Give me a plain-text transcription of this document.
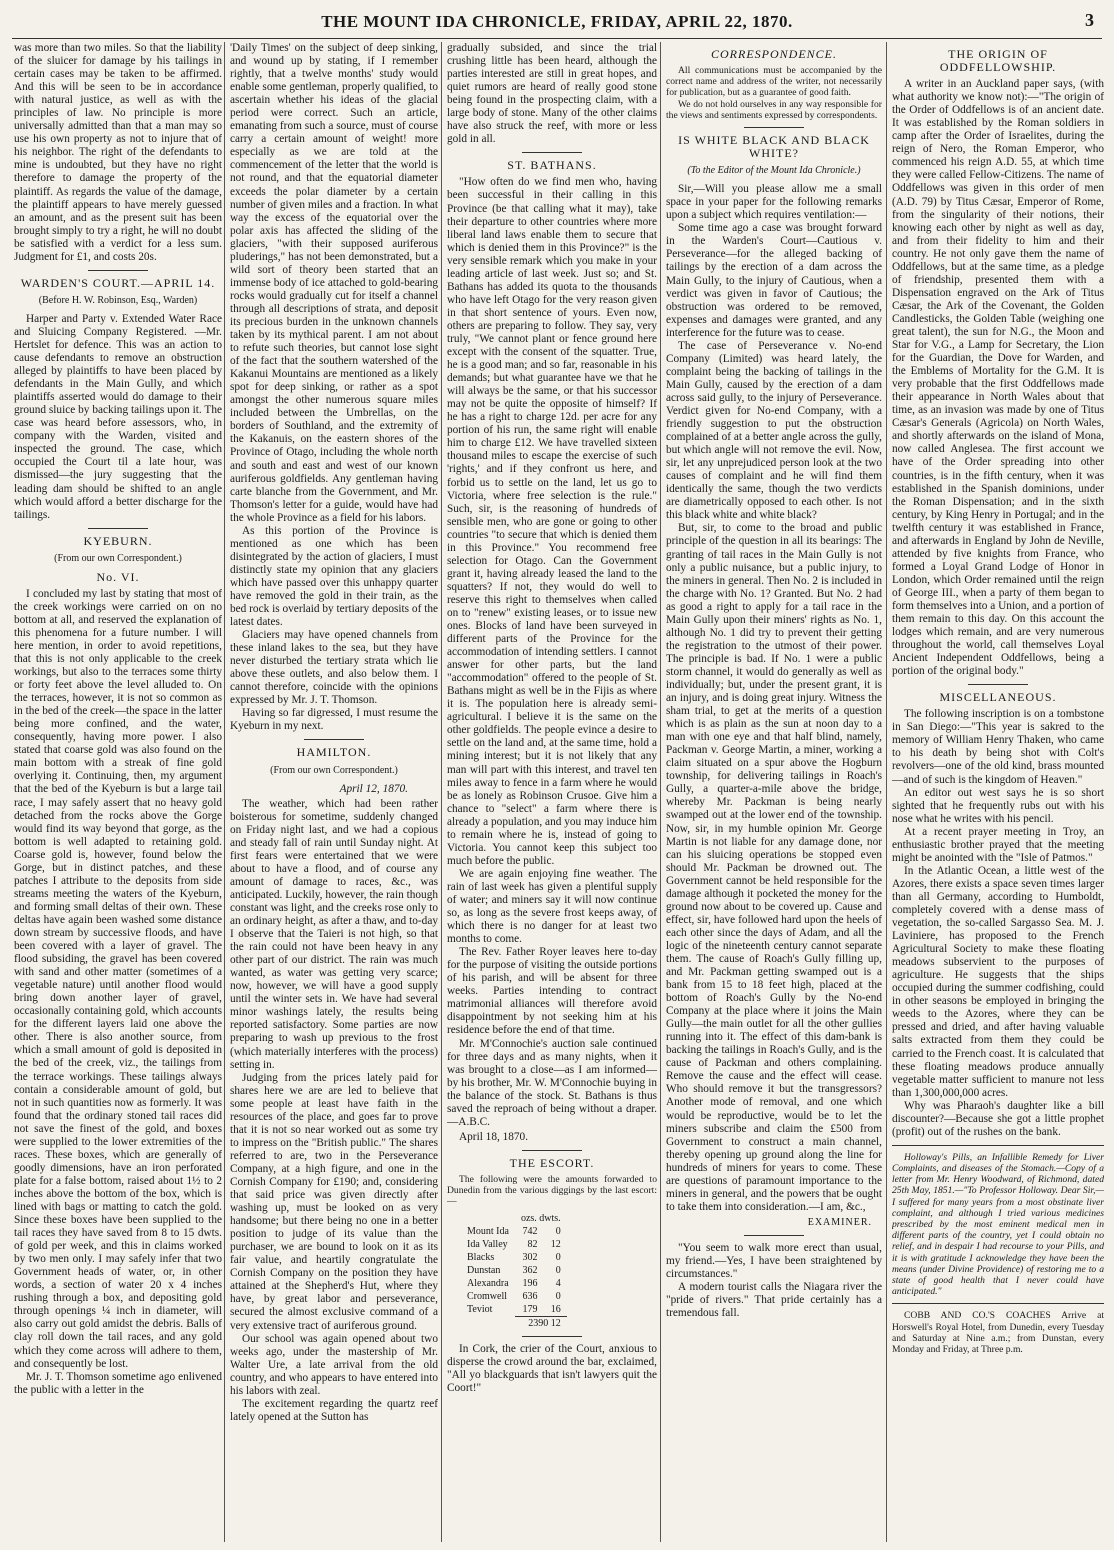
THE MOUNT IDA CHRONICLE, FRIDAY, APRIL 22, 1870.	3

was more than two miles. So that the liability of the sluicer for damage by his tailings in certain cases may be taken to be affirmed. And this will be seen to be in accordance with natural justice, as well as with the principles of law. No principle is more universally admitted than that a man may so use his own property as not to injure that of his neighbor. The right of the defendants to mine is undoubted, but they have no right therefore to damage the property of the plaintiff. As regards the value of the damage, the plaintiff appears to have merely guessed an amount, and as the present suit has been brought simply to try a right, he will no doubt be satisfied with a verdict for a less sum. Judgment for £1, and costs 20s.

WARDEN'S COURT.—APRIL 14.
(Before H. W. Robinson, Esq., Warden)

Harper and Party v. Extended Water Race and Sluicing Company Registered. —Mr. Hertslet for defence. This was an action to cause defendants to remove an obstruction alleged by plaintiffs to have been placed by defendants in the Main Gully, and which plaintiffs asserted would do damage to their ground sluice by backing tailings upon it. The case was heard before assessors, who, in company with the Warden, visited and inspected the ground. The case, which occupied the Court til a late hour, was dismissed—the jury suggesting that the leading dam should be shifted to an angle which would afford a better discharge for the tailings.

KYEBURN.
(From our own Correspondent.)
No. VI.

I concluded my last by stating that most of the creek workings were carried on on no bottom at all, and reserved the explanation of this phenomena for a future number. I will here mention, in order to avoid repetitions, that this is not only applicable to the creek workings, but also to the terraces some thirty or forty feet above the level alluded to. On the terraces, however, it is not so common as in the bed of the creek—the space in the latter being more confined, and the water, consequently, having more power. I also stated that coarse gold was also found on the main bottom with a streak of fine gold overlying it. Continuing, then, my argument that the bed of the Kyeburn is but a large tail race, I may safely assert that no heavy gold detached from the rocks above the Gorge would find its way beyond that gorge, as the bottom is well adapted to retaining gold. Coarse gold is, however, found below the Gorge, but in distinct patches, and these patches I attribute to the deposits from side streams meeting the waters of the Kyeburn, and forming small deltas of their own. These deltas have again been washed some distance down stream by successive floods, and have been covered with a layer of gravel. The flood subsiding, the gravel has been covered with sand and other matter (sometimes of a vegetable nature) until another flood would bring down another layer of gravel, occasionally containing gold, which accounts for the different layers laid one above the other. There is also another source, from which a small amount of gold is deposited in the bed of the creek, viz., the tailings from the terrace workings. These tailings always contain a considerable amount of gold, but not in such quantities now as formerly. It was found that the ordinary stoned tail races did not save the finest of the gold, and boxes were supplied to the lower extremities of the races. These boxes, which are generally of goodly dimensions, have an iron perforated plate for a false bottom, raised about 1½ to 2 inches above the bottom of the box, which is lined with bags or matting to catch the gold. Since these boxes have been supplied to the tail races they have saved from 8 to 15 dwts. of gold per week, and this in claims worked by two men only. I may safely infer that two Government heads of water, or, in other words, a section of water 20 x 4 inches rushing through a box, and depositing gold through openings ¼ inch in diameter, will also carry out gold amidst the debris. Balls of clay roll down the tail races, and any gold which they come across will adhere to them, and consequently be lost.

Mr. J. T. Thomson sometime ago enlivened the public with a letter in the

'Daily Times' on the subject of deep sinking, and wound up by stating, if I remember rightly, that a twelve months' study would enable some gentleman, properly qualified, to ascertain whether his ideas of the glacial period were correct. Such an article, emanating from such a source, must of course carry a certain amount of weight! more especially as we are told at the commencement of the letter that the world is not round, and that the equatorial diameter exceeds the polar diameter by a certain number of given miles and a fraction. In what way the excess of the equatorial over the polar axis has affected the sliding of the glaciers, "with their supposed auriferous pluderings," has not been demonstrated, but a wild sort of theory been started that an immense body of ice attached to gold-bearing rocks would gradually cut for itself a channel through all descriptions of strata, and deposit its precious burden in the unknown channels taken by its mythical parent. I am not about to refute such theories, but cannot lose sight of the fact that the southern watershed of the Kakanui Mountains are mentioned as a likely spot for deep sinking, or rather as a spot amongst the other numerous square miles included between the Umbrellas, on the borders of Southland, and the extremity of the Kakanuis, on the eastern shores of the Province of Otago, including the whole north and south and east and west of our known auriferous goldfields. Any gentleman having carte blanche from the Government, and Mr. Thomson's letter for a guide, would have had the whole Province as a field for his labors.

As this portion of the Province is mentioned as one which has been disintegrated by the action of glaciers, I must distinctly state my opinion that any glaciers which have passed over this unhappy quarter have removed the gold in their train, as the bed rock is overlaid by tertiary deposits of the latest dates.

Glaciers may have opened channels from these inland lakes to the sea, but they have never disturbed the tertiary strata which lie above these outlets, and also below them. I cannot therefore, coincide with the opinions expressed by Mr. J. T. Thomson.

Having so far digressed, I must resume the Kyeburn in my next.

HAMILTON.
(From our own Correspondent.)
April 12, 1870.

The weather, which had been rather boisterous for sometime, suddenly changed on Friday night last, and we had a copious and steady fall of rain until Sunday night. At first fears were entertained that we were about to have a flood, and of course any amount of damage to races, &c., was anticipated. Luckily, however, the rain though constant was light, and the creeks rose only to an ordinary height, as after a thaw, and to-day I observe that the Taieri is not high, so that the rain could not have been heavy in any other part of our district. The rain was much wanted, as water was getting very scarce; now, however, we will have a good supply until the winter sets in. We have had several minor washings lately, the results being reported satisfactory. Some parties are now preparing to wash up previous to the frost (which materially interferes with the process) setting in.

Judging from the prices lately paid for shares here we are are led to believe that some people at least have faith in the resources of the place, and goes far to prove that it is not so near worked out as some try to impress on the "British public." The shares referred to are, two in the Perseverance Company, at a high figure, and one in the Cornish Company for £190; and, considering that said price was given directly after washing up, must be looked on as very handsome; but there being no one in a better position to judge of its value than the purchaser, we are bound to look on it as its fair value, and heartily congratulate the Cornish Company on the position they have attained at the Shepherd's Hut, where they have, by great labor and perseverance, secured the almost exclusive command of a very extensive tract of auriferous ground.

Our school was again opened about two weeks ago, under the mastership of Mr. Walter Ure, a late arrival from the old country, and who appears to have entered into his labors with zeal.

The excitement regarding the quartz reef lately opened at the Sutton has

gradually subsided, and since the trial crushing little has been heard, although the parties interested are still in great hopes, and quiet rumors are heard of really good stone being found in the prospecting claim, with a large body of stone. Many of the other claims have also struck the reef, with more or less gold in all.

ST. BATHANS.

"How often do we find men who, having been successful in their calling in this Province (be that calling what it may), take their departure to other countries where more liberal land laws enable them to secure that which is denied them in this Province?" is the very sensible remark which you make in your leading article of last week. Just so; and St. Bathans has added its quota to the thousands who have left Otago for the very reason given in that short sentence of yours. Even now, others are preparing to follow. They say, very truly, "We cannot plant or fence ground here except with the consent of the squatter. True, he is a good man; and so far, reasonable in his demands; but what guarantee have we that he will always be the same, or that his successor may not be quite the opposite of himself? If he has a right to charge 12d. per acre for any portion of his run, the same right will enable him to charge £12. We have travelled sixteen thousand miles to escape the exercise of such 'rights,' and if they confront us here, and forbid us to settle on the land, let us go to Victoria, where free selection is the rule." Such, sir, is the reasoning of hundreds of sensible men, who are gone or going to other countries "to secure that which is denied them in this Province." You recommend free selection for Otago. Can the Government grant it, having already leased the land to the squatters? If not, they would do well to reserve this right to themselves when called on to "renew" existing leases, or to issue new ones. Blocks of land have been surveyed in different parts of the Province for the accommodation of intending settlers. I cannot answer for other parts, but the land "accommodation" offered to the people of St. Bathans might as well be in the Fijis as where it is. The population here is already semi-agricultural. I believe it is the same on the other goldfields. The people evince a desire to settle on the land and, at the same time, hold a mining interest; but it is not likely that any man will part with this interest, and travel ten miles away to fence in a farm where he would be as lonely as Robinson Crusoe. Give him a chance to "select" a farm where there is already a population, and you may induce him to remain where he is, instead of going to Victoria. You cannot keep this subject too much before the public.

We are again enjoying fine weather. The rain of last week has given a plentiful supply of water; and miners say it will now continue so, as long as the severe frost keeps away, of which there is no danger for at least two months to come.

The Rev. Father Royer leaves here to-day for the purpose of visiting the outside portions of his parish, and will be absent for three weeks. Parties intending to contract matrimonial alliances will therefore avoid disappointment by not seeking him at his residence before the end of that time.

Mr. M'Connochie's auction sale continued for three days and as many nights, when it was brought to a close—as I am informed—by his brother, Mr. W. M'Connochie buying in the balance of the stock. St. Bathans is thus saved the reproach of being without a draper.—A.B.C.

April 18, 1870.
THE ESCORT.

The following were the amounts forwarded to Dunedin from the various diggings by the last escort:—

	ozs. dwts.	
Mount Ida	742	0
Ida Valley	82	12
Blacks	302	0
Dunstan	362	0
Alexandra	196	4
Cromwell	636	0
Teviot	179	16
	2390 12	

In Cork, the crier of the Court, anxious to disperse the crowd around the bar, exclaimed, "All yo blackguards that isn't lawyers quit the Coort!"

CORRESPONDENCE.

All communications must be accompanied by the correct name and address of the writer, not necessarily for publication, but as a guarantee of good faith.

We do not hold ourselves in any way responsible for the views and sentiments expressed by correspondents.

IS WHITE BLACK AND BLACK WHITE?
(To the Editor of the Mount Ida Chronicle.)

Sir,—Will you please allow me a small space in your paper for the following remarks upon a subject which requires ventilation:—

Some time ago a case was brought forward in the Warden's Court—Cautious v. Perseverance—for the alleged backing of tailings by the erection of a dam across the Main Gully, to the injury of Cautious, when a verdict was given in favor of Cautious; the obstruction was ordered to be removed, expenses and damages were granted, and any interference for the future was to cease.

The case of Perseverance v. No-end Company (Limited) was heard lately, the complaint being the backing of tailings in the Main Gully, caused by the erection of a dam across said gully, to the injury of Perseverance. Verdict given for No-end Company, with a friendly suggestion to put the obstruction complained of at a better angle across the gully, but which angle will not remove the evil. Now, sir, let any unprejudiced person look at the two causes of complaint and he will find them identically the same, though the two verdicts are diametrically opposed to each other. Is not this black white and white black?

But, sir, to come to the broad and public principle of the question in all its bearings: The granting of tail races in the Main Gully is not only a public nuisance, but a public injury, to the miners in general. Then No. 2 is included in the charge with No. 1? Granted. But No. 2 had as good a right to apply for a tail race in the Main Gully upon their miners' rights as No. 1, although No. 1 did try to prevent their getting the registration to the utmost of their power. The principle is bad. If No. 1 were a public storm channel, it would do generally as well as individually; but, under the present grant, it is an injury, and is doing great injury. Witness the sham trial, to get at the merits of a question which is as plain as the sun at noon day to a man with one eye and that half blind, namely, Packman v. George Martin, a miner, working a claim situated on a spur above the Hogburn township, for delivering tailings in Roach's Gully, a quarter-a-mile above the bridge, whereby Mr. Packman is being nearly swamped out at the lower end of the township. Now, sir, in my humble opinion Mr. George Martin is not liable for any damage done, nor can his sluicing operations be stopped even should Mr. Packman be drowned out. The Government cannot be held responsible for the damage although it pocketed the money for the ground now about to be covered up. Cause and effect, sir, have followed hard upon the heels of each other since the days of Adam, and all the logic of the nineteenth century cannot separate them. The cause of Roach's Gully filling up, and Mr. Packman getting swamped out is a bank from 15 to 18 feet high, placed at the bottom of Roach's Gully by the No-end Company at the place where it joins the Main Gully—the main outlet for all the other gullies running into it. The effect of this dam-bank is backing the tailings in Roach's Gully, and is the cause of Packman and others complaining. Remove the cause and the effect will cease. Who should remove it but the transgressors? Another mode of removal, and one which would be reproductive, would be to let the miners subscribe and claim the £500 from Government to construct a main channel, thereby opening up ground along the line for hundreds of miners for years to come. These are questions of paramount importance to the miners in general, and the powers that be ought to take them into consideration.—I am, &c.,

EXAMINER.

"You seem to walk more erect than usual, my friend.—Yes, I have been straightened by circumstances."

A modern tourist calls the Niagara river the "pride of rivers." That pride certainly has a tremendous fall.

THE ORIGIN OF ODDFELLOWSHIP.

A writer in an Auckland paper says, (with what authority we know not):—"The origin of the Order of Oddfellows is of an ancient date. It was established by the Roman soldiers in camp after the Order of Israelites, during the reign of Nero, the Roman Emperor, who commenced his reign A.D. 55, at which time they were called Fellow-Citizens. The name of Oddfellows was given in this order of men (A.D. 79) by Titus Cæsar, Emperor of Rome, from the singularity of their notions, their knowing each other by night as well as day, and from their fidelity to him and their country. He not only gave them the name of Oddfellows, but at the same time, as a pledge of friendship, presented them with a Dispensation engraved on the Ark of Titus Cæsar, the Ark of the Covenant, the Golden Candlesticks, the Golden Table (weighing one great talent), the sun for N.G., the Moon and Star for V.G., a Lamp for Secretary, the Lion for the Guardian, the Dove for Warden, and the Emblems of Mortality for the G.M. It is very probable that the first Oddfellows made their appearance in North Wales about that time, as an invasion was made by one of Titus Cæsar's Generals (Agricola) on North Wales, and shortly afterwards on the island of Mona, now called Anglesea. The first account we have of the Order spreading into other countries, is in the fifth century, when it was established in the Spanish dominions, under the Roman Dispensation; and in the sixth century, by King Henry in Portugal; and in the twelfth century it was established in France, and afterwards in England by John de Neville, attended by five knights from France, who formed a Loyal Grand Lodge of Honor in London, which Order remained until the reign of George III., when a party of them began to form themselves into a Union, and a portion of them remain to this day. On this account the lodges which remain, and are very numerous throughout the world, call themselves Loyal Ancient Independent Oddfellows, being a portion of the original body."

MISCELLANEOUS.

The following inscription is on a tombstone in San Diego:—"This year is sakred to the memory of William Henry Thaken, who came to his death by being shot with Colt's revolvers—one of the old kind, brass mounted—and of such is the kingdom of Heaven."

An editor out west says he is so short sighted that he frequently rubs out with his nose what he writes with his pencil.

At a recent prayer meeting in Troy, an enthusiastic brother prayed that the meeting might be anointed with the "Isle of Patmos."

In the Atlantic Ocean, a little west of the Azores, there exists a space seven times larger than all Germany, according to Humboldt, completely covered with a dense mass of vegetation, the so-called Sargasso Sea. M. J. Laviniere, has proposed to the French Agricultural Society to make these floating meadows subservient to the purposes of agriculture. He suggests that the ships occupied during the summer codfishing, could in other seasons be employed in bringing the weeds to the Azores, where they can be pressed and dried, and after having valuable salts extracted from them they could be carried to the French coast. It is calculated that these floating meadows produce annually vegetable matter sufficient to manure not less than 1,300,000,000 acres.

Why was Pharaoh's daughter like a bill discounter?—Because she got a little prophet (profit) out of the rushes on the bank.

Holloway's Pills, an Infallible Remedy for Liver Complaints, and diseases of the Stomach.—Copy of a letter from Mr. Henry Woodward, of Richmond, dated 25th May, 1851.—"To Professor Holloway. Dear Sir,—I suffered for many years from a most obstinate liver complaint, and although I tried various medicines prescribed by the most eminent medical men in different parts of the country, yet I could obtain no relief, and in despair I had recourse to your Pills, and it is with gratitude I acknowledge they have been the means (under Divine Providence) of restoring me to a state of good health that I never could have anticipated."

COBB AND CO.'S COACHES Arrive at Horswell's Royal Hotel, from Dunedin, every Tuesday and Saturday at Nine a.m.; from Dunstan, every Monday and Friday, at Three p.m.
